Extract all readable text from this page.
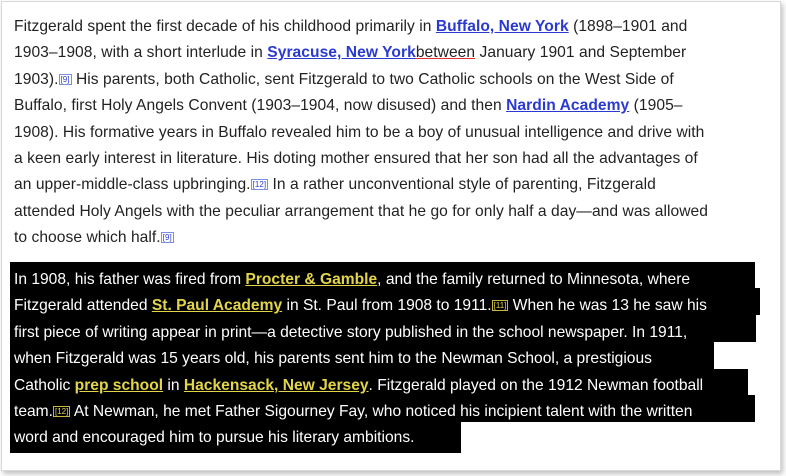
Fitzgerald spent the first decade of his childhood primarily in Buffalo, New York (1898–1901 and
1903–1908, with a short interlude in Syracuse, New Yorkbetween January 1901 and September
1903). [9] His parents, both Catholic, sent Fitzgerald to two Catholic schools on the West Side of
Buffalo, first Holy Angels Convent (1903–1904, now disused) and then Nardin Academy (1905–
1908). His formative years in Buffalo revealed him to be a boy of unusual intelligence and drive with
a keen early interest in literature. His doting mother ensured that her son had all the advantages of
an upper-middle-class upbringing. [12] In a rather unconventional style of parenting, Fitzgerald
attended Holy Angels with the peculiar arrangement that he go for only half a day—and was allowed
to choose which half. [9]
In 1908, his father was fired from Procter & Gamble, and the family returned to Minnesota, where
Fitzgerald attended St. Paul Academy in St. Paul from 1908 to 1911. [11] When he was 13 he saw his
first piece of writing appear in print—a detective story published in the school newspaper. In 1911,
when Fitzgerald was 15 years old, his parents sent him to the Newman School, a prestigious
Catholic prep school in Hackensack, New Jersey. Fitzgerald played on the 1912 Newman football
team. [12] At Newman, he met Father Sigourney Fay, who noticed his incipient talent with the written
word and encouraged him to pursue his literary ambitions.
